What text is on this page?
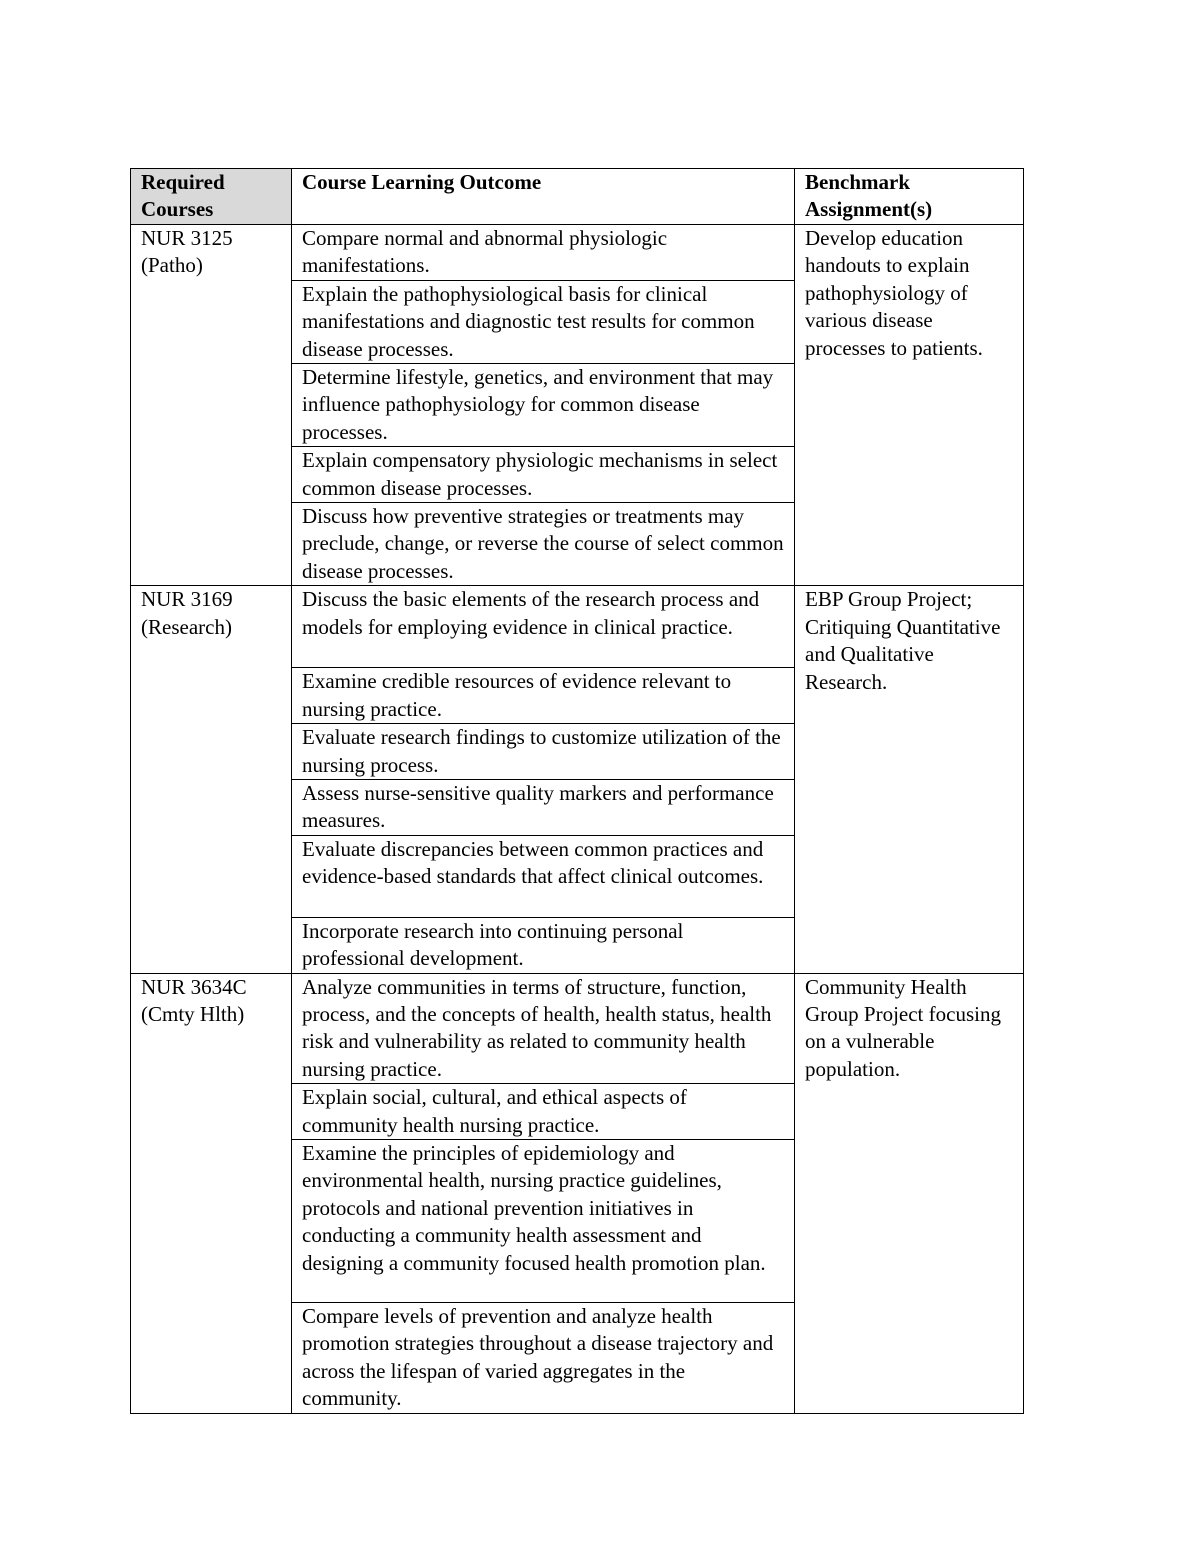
Required Courses	Course Learning Outcome	Benchmark Assignment(s)

NUR 3125
(Patho)	Compare normal and abnormal physiologic manifestations.	Develop education handouts to explain pathophysiology of various disease processes to patients.
	Explain the pathophysiological basis for clinical manifestations and diagnostic test results for common disease processes.	
	Determine lifestyle, genetics, and environment that may influence pathophysiology for common disease processes.	
	Explain compensatory physiologic mechanisms in select common disease processes.	
	Discuss how preventive strategies or treatments may preclude, change, or reverse the course of select common disease processes.	

NUR 3169
(Research)	Discuss the basic elements of the research process and models for employing evidence in clinical practice.	EBP Group Project; Critiquing Quantitative and Qualitative Research.
	Examine credible resources of evidence relevant to nursing practice.	
	Evaluate research findings to customize utilization of the nursing process.	
	Assess nurse-sensitive quality markers and performance measures.	
	Evaluate discrepancies between common practices and evidence-based standards that affect clinical outcomes.	
	Incorporate research into continuing personal professional development.	

NUR 3634C
(Cmty Hlth)	Analyze communities in terms of structure, function, process, and the concepts of health, health status, health risk and vulnerability as related to community health nursing practice.	Community Health Group Project focusing on a vulnerable population.
	Explain social, cultural, and ethical aspects of community health nursing practice.	
	Examine the principles of epidemiology and environmental health, nursing practice guidelines, protocols and national prevention initiatives in conducting a community health assessment and designing a community focused health promotion plan.	
	Compare levels of prevention and analyze health promotion strategies throughout a disease trajectory and across the lifespan of varied aggregates in the community.	
